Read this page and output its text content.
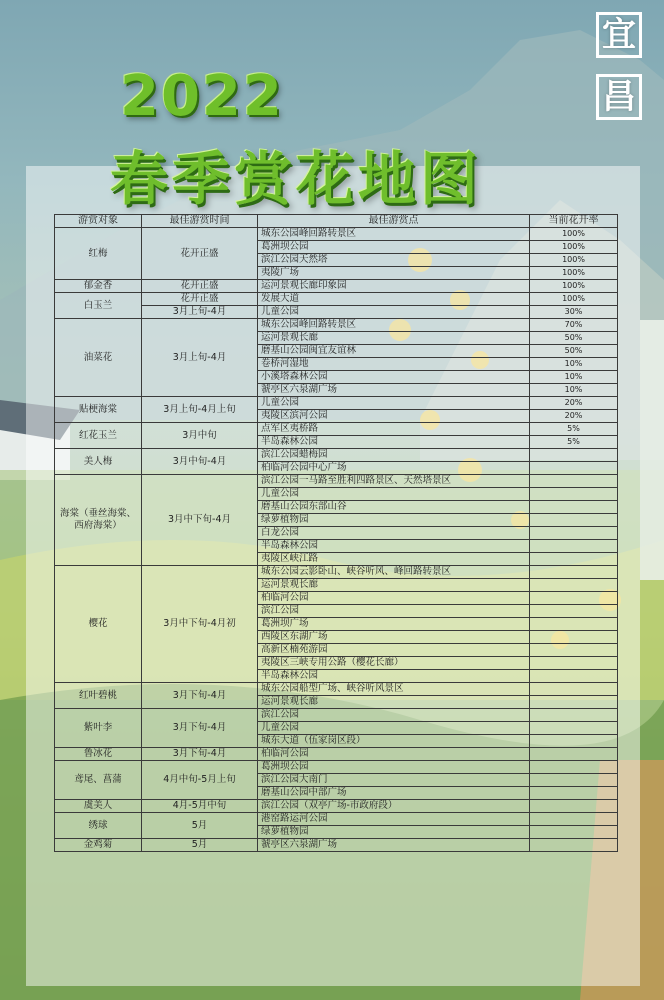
宜
昌
2022
春季赏花地图
游赏对象	最佳游赏时间	最佳游赏点	当前花开率
红梅	花开正盛	城东公园峰回路转景区	100%
		葛洲坝公园	100%
		滨江公园天然塔	100%
		夷陵广场	100%
郁金香	花开正盛	运河景观长廊印象园	100%
白玉兰	花开正盛	发展大道	100%
	3月上旬-4月	儿童公园	30%
油菜花	3月上旬-4月	城东公园峰回路转景区	70%
		运河景观长廊	50%
		磨基山公园闽宜友谊林	50%
		卷桥河湿地	10%
		小溪塔森林公园	10%
		虢亭区六泉湖广场	10%
贴梗海棠	3月上旬-4月上旬	儿童公园	20%
		夷陵区滨河公园	20%
红花玉兰	3月中旬	点军区夷桥路	5%
		半岛森林公园	5%
美人梅	3月中旬-4月	滨江公园蜡梅园	
		柏临河公园中心广场	
海棠（垂丝海棠、西府海棠）	3月中下旬-4月	滨江公园一马路至胜利四路景区、天然塔景区	
		儿童公园	
		磨基山公园东部山谷	
		绿萝植物园	
		白龙公园	
		半岛森林公园	
		夷陵区峡江路	
樱花	3月中下旬-4月初	城东公园云影卧山、峡谷听风、峰回路转景区	
		运河景观长廊	
		柏临河公园	
		滨江公园	
		葛洲坝广场	
		西陵区东湖广场	
		高新区楠苑游园	
		夷陵区三峡专用公路（樱花长廊）	
		半岛森林公园	
红叶碧桃	3月下旬-4月	城东公园船型广场、峡谷听风景区	
		运河景观长廊	
紫叶李	3月下旬-4月	滨江公园	
		儿童公园	
		城东大道（伍家岗区段）	
鲁冰花	3月下旬-4月	柏临河公园	
鸢尾、菖蒲	4月中旬-5月上旬	葛洲坝公园	
		滨江公园大南门	
		磨基山公园中部广场	
虞美人	4月-5月中旬	滨江公园（双亭广场-市政府段）	
绣球	5月	港窑路运河公园	
		绿萝植物园	
金鸡菊	5月	虢亭区六泉湖广场	
